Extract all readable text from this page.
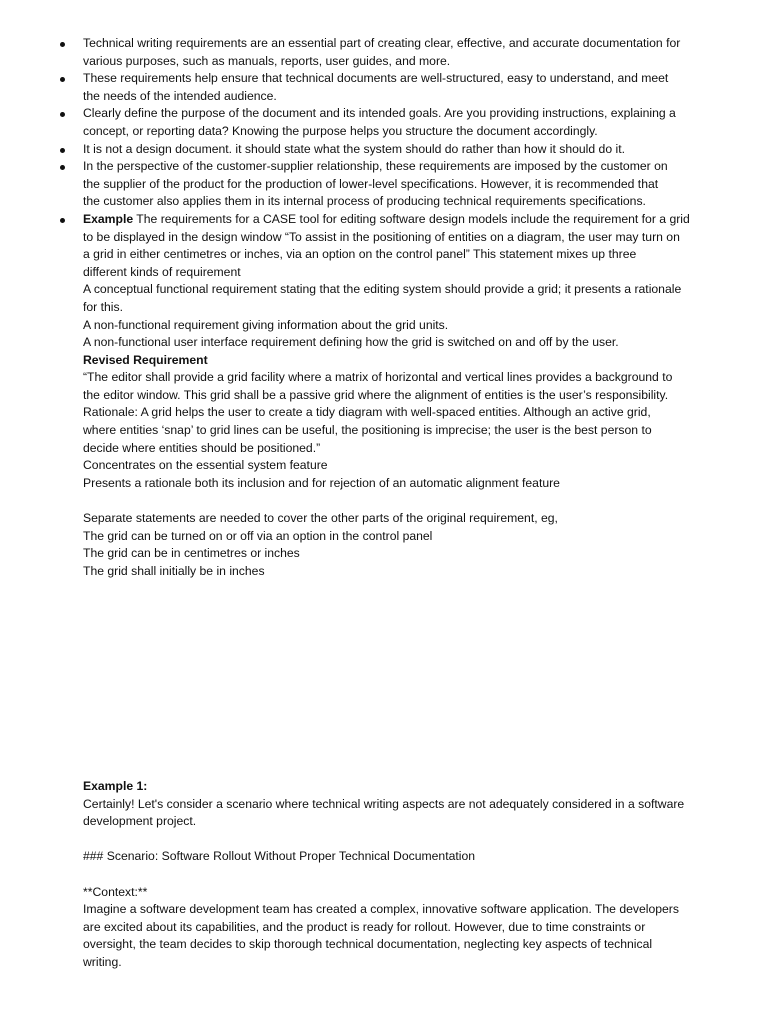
Technical writing requirements are an essential part of creating clear, effective, and accurate documentation for
various purposes, such as manuals, reports, user guides, and more.
These requirements help ensure that technical documents are well-structured, easy to understand, and meet
the needs of the intended audience.
Clearly define the purpose of the document and its intended goals. Are you providing instructions, explaining a
concept, or reporting data? Knowing the purpose helps you structure the document accordingly.
It is not a design document. it should state what the system should do rather than how it should do it.
In the perspective of the customer-supplier relationship, these requirements are imposed by the customer on
the supplier of the product for the production of lower-level specifications. However, it is recommended that
the customer also applies them in its internal process of producing technical requirements specifications.
Example The requirements for a CASE tool for editing software design models include the requirement for a grid
to be displayed in the design window “To assist in the positioning of entities on a diagram, the user may turn on
a grid in either centimetres or inches, via an option on the control panel” This statement mixes up three
different kinds of requirement
A conceptual functional requirement stating that the editing system should provide a grid; it presents a rationale
for this.
A non-functional requirement giving information about the grid units.
A non-functional user interface requirement defining how the grid is switched on and off by the user.
Revised Requirement
“The editor shall provide a grid facility where a matrix of horizontal and vertical lines provides a background to
the editor window. This grid shall be a passive grid where the alignment of entities is the user’s responsibility.
Rationale: A grid helps the user to create a tidy diagram with well-spaced entities. Although an active grid,
where entities ‘snap’ to grid lines can be useful, the positioning is imprecise; the user is the best person to
decide where entities should be positioned.”
Concentrates on the essential system feature
Presents a rationale both its inclusion and for rejection of an automatic alignment feature
Separate statements are needed to cover the other parts of the original requirement, eg,
The grid can be turned on or off via an option in the control panel
The grid can be in centimetres or inches
The grid shall initially be in inches
Example 1:
Certainly! Let's consider a scenario where technical writing aspects are not adequately considered in a software
development project.
### Scenario: Software Rollout Without Proper Technical Documentation
**Context:**
Imagine a software development team has created a complex, innovative software application. The developers
are excited about its capabilities, and the product is ready for rollout. However, due to time constraints or
oversight, the team decides to skip thorough technical documentation, neglecting key aspects of technical
writing.
